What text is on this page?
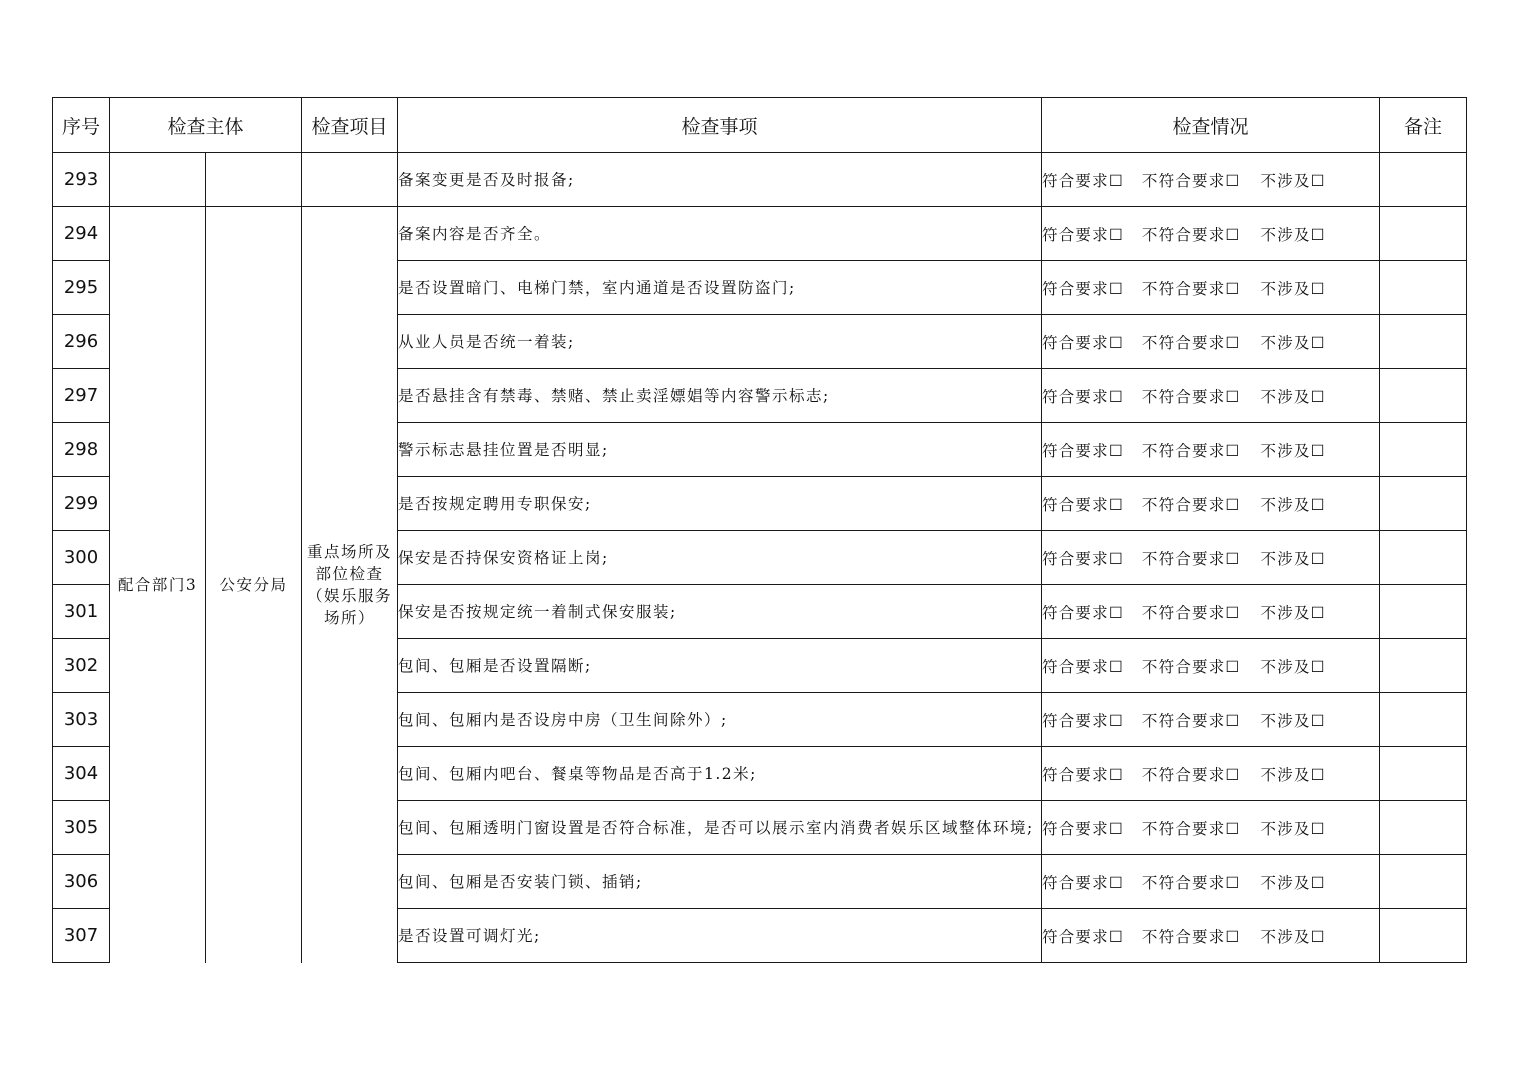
序号	检查主体		检查项目	检查事项	检查情况	备注
293				备案变更是否及时报备;	符合要求☐ 不符合要求☐ 不涉及☐	
294	配合部门3	公安分局	重点场所及部位检查（娱乐服务场所）	备案内容是否齐全。	符合要求☐ 不符合要求☐ 不涉及☐	
295				是否设置暗门、电梯门禁，室内通道是否设置防盗门;	符合要求☐ 不符合要求☐ 不涉及☐	
296				从业人员是否统一着装;	符合要求☐ 不符合要求☐ 不涉及☐	
297				是否悬挂含有禁毒、禁赌、禁止卖淫嫖娼等内容警示标志;	符合要求☐ 不符合要求☐ 不涉及☐	
298				警示标志悬挂位置是否明显;	符合要求☐ 不符合要求☐ 不涉及☐	
299				是否按规定聘用专职保安;	符合要求☐ 不符合要求☐ 不涉及☐	
300				保安是否持保安资格证上岗;	符合要求☐ 不符合要求☐ 不涉及☐	
301				保安是否按规定统一着制式保安服装;	符合要求☐ 不符合要求☐ 不涉及☐	
302				包间、包厢是否设置隔断;	符合要求☐ 不符合要求☐ 不涉及☐	
303				包间、包厢内是否设房中房（卫生间除外）;	符合要求☐ 不符合要求☐ 不涉及☐	
304				包间、包厢内吧台、餐桌等物品是否高于1.2米;	符合要求☐ 不符合要求☐ 不涉及☐	
305				包间、包厢透明门窗设置是否符合标准，是否可以展示室内消费者娱乐区域整体环境;	符合要求☐ 不符合要求☐ 不涉及☐	
306				包间、包厢是否安装门锁、插销;	符合要求☐ 不符合要求☐ 不涉及☐	
307				是否设置可调灯光;	符合要求☐ 不符合要求☐ 不涉及☐	
